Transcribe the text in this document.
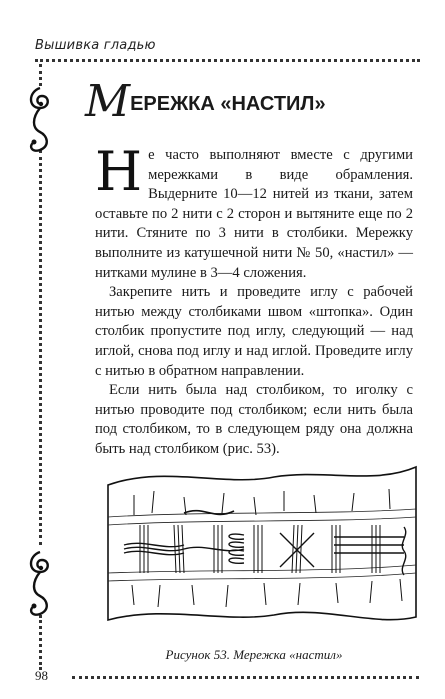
Вышивка гладью
МЕРЕЖКА «НАСТИЛ»

Не часто выполняют вместе с другими мережками в виде обрамления. Выдерните 10—12 нитей из ткани, затем оставьте по 2 нити с 2 сторон и вытяните еще по 2 нити. Стяните по 3 нити в столбики. Мережку выполните из катушечной нити № 50, «настил» — нитками мулине в 3—4 сложения.

Закрепите нить и проведите иглу с рабочей нитью между столбиками швом «штопка». Один столбик пропустите под иглу, следующий — над иглой, снова под иглу и над иглой. Проведите иглу с нитью в обратном направлении.

Если нить была над столбиком, то иголку с нитью проводите под столбиком; если нить была под столбиком, то в следующем ряду она должна быть над столбиком (рис. 53).

Рисунок 53. Мережка «настил»
98
